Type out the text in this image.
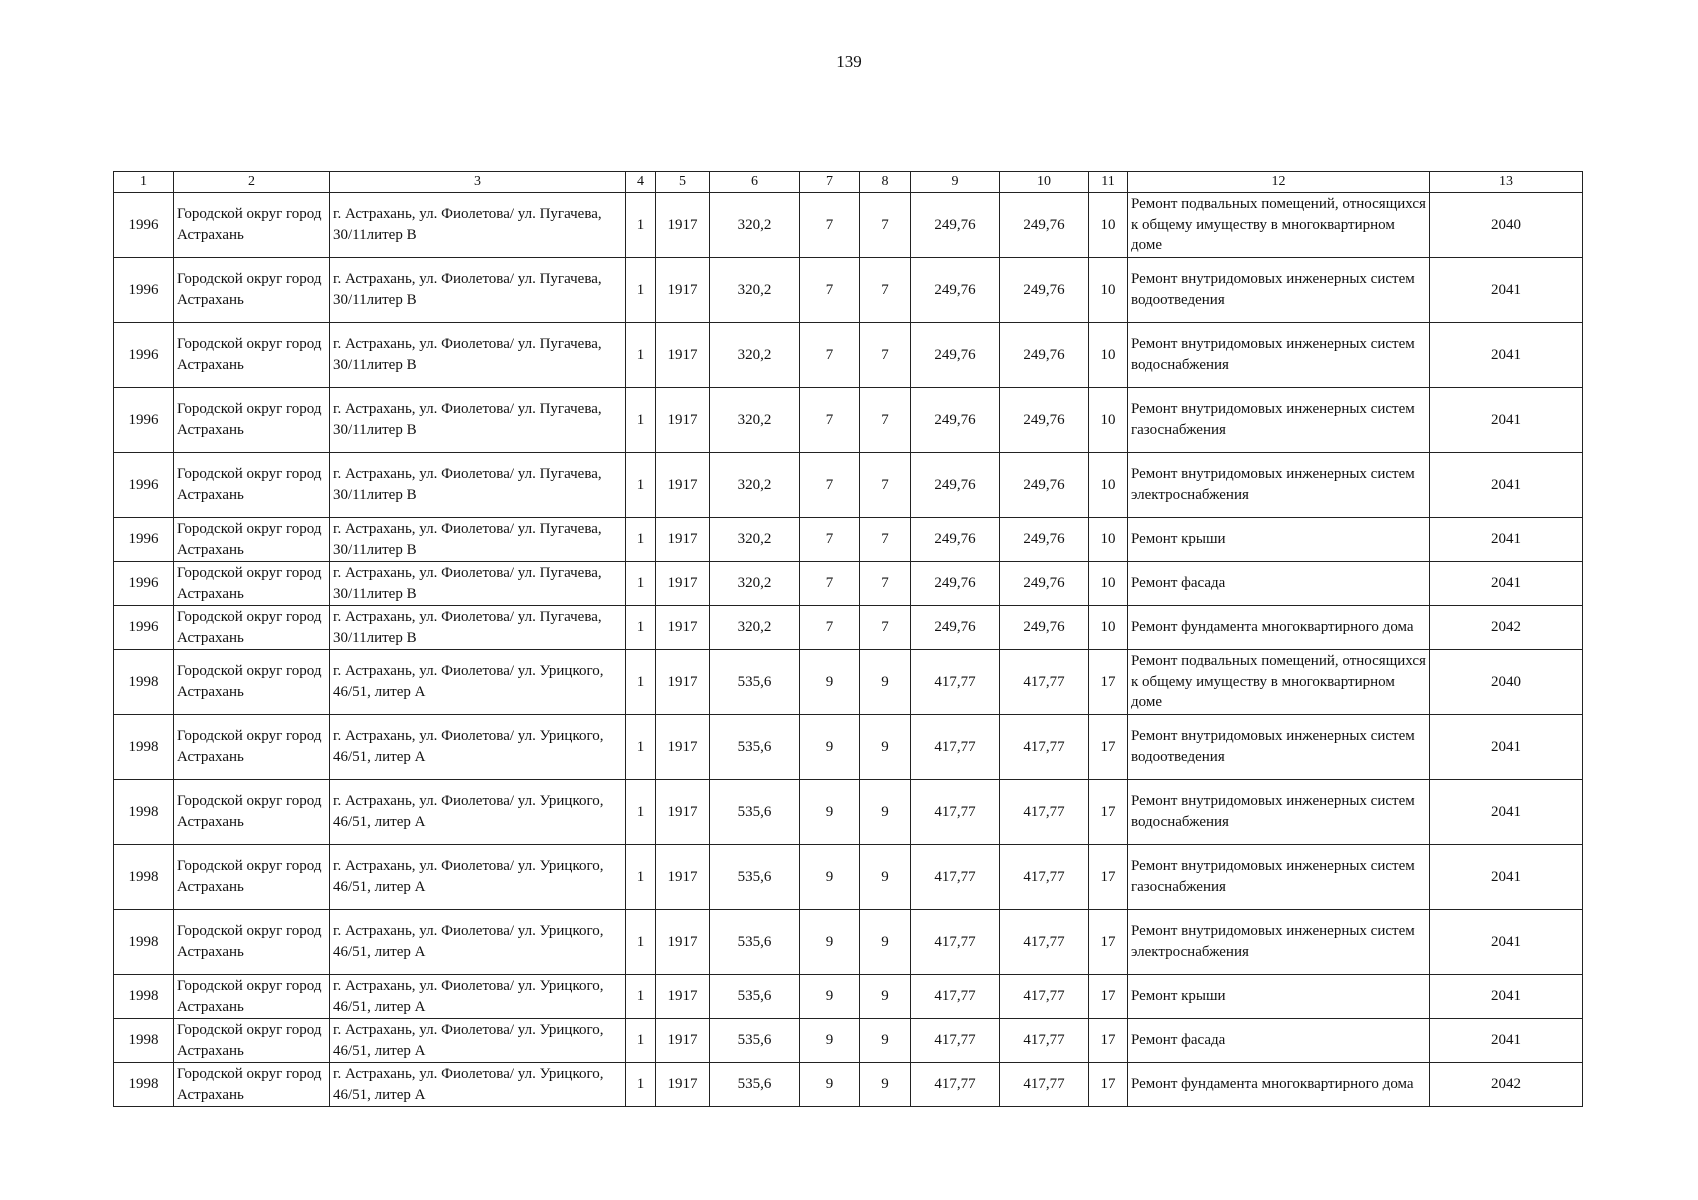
139
1	2	3	4	5	6	7	8	9	10	11	12	13
1996	Городской округ город Астрахань	г. Астрахань, ул. Фиолетова/ ул. Пугачева, 30/11литер В	1	1917	320,2	7	7	249,76	249,76	10	Ремонт подвальных помещений, относящихся к общему имуществу в многоквартирном доме	2040
1996	Городской округ город Астрахань	г. Астрахань, ул. Фиолетова/ ул. Пугачева, 30/11литер В	1	1917	320,2	7	7	249,76	249,76	10	Ремонт внутридомовых инженерных систем водоотведения	2041
1996	Городской округ город Астрахань	г. Астрахань, ул. Фиолетова/ ул. Пугачева, 30/11литер В	1	1917	320,2	7	7	249,76	249,76	10	Ремонт внутридомовых инженерных систем водоснабжения	2041
1996	Городской округ город Астрахань	г. Астрахань, ул. Фиолетова/ ул. Пугачева, 30/11литер В	1	1917	320,2	7	7	249,76	249,76	10	Ремонт внутридомовых инженерных систем газоснабжения	2041
1996	Городской округ город Астрахань	г. Астрахань, ул. Фиолетова/ ул. Пугачева, 30/11литер В	1	1917	320,2	7	7	249,76	249,76	10	Ремонт внутридомовых инженерных систем электроснабжения	2041
1996	Городской округ город Астрахань	г. Астрахань, ул. Фиолетова/ ул. Пугачева, 30/11литер В	1	1917	320,2	7	7	249,76	249,76	10	Ремонт крыши	2041
1996	Городской округ город Астрахань	г. Астрахань, ул. Фиолетова/ ул. Пугачева, 30/11литер В	1	1917	320,2	7	7	249,76	249,76	10	Ремонт фасада	2041
1996	Городской округ город Астрахань	г. Астрахань, ул. Фиолетова/ ул. Пугачева, 30/11литер В	1	1917	320,2	7	7	249,76	249,76	10	Ремонт фундамента многоквартирного дома	2042
1998	Городской округ город Астрахань	г. Астрахань, ул. Фиолетова/ ул. Урицкого, 46/51, литер А	1	1917	535,6	9	9	417,77	417,77	17	Ремонт подвальных помещений, относящихся к общему имуществу в многоквартирном доме	2040
1998	Городской округ город Астрахань	г. Астрахань, ул. Фиолетова/ ул. Урицкого, 46/51, литер А	1	1917	535,6	9	9	417,77	417,77	17	Ремонт внутридомовых инженерных систем водоотведения	2041
1998	Городской округ город Астрахань	г. Астрахань, ул. Фиолетова/ ул. Урицкого, 46/51, литер А	1	1917	535,6	9	9	417,77	417,77	17	Ремонт внутридомовых инженерных систем водоснабжения	2041
1998	Городской округ город Астрахань	г. Астрахань, ул. Фиолетова/ ул. Урицкого, 46/51, литер А	1	1917	535,6	9	9	417,77	417,77	17	Ремонт внутридомовых инженерных систем газоснабжения	2041
1998	Городской округ город Астрахань	г. Астрахань, ул. Фиолетова/ ул. Урицкого, 46/51, литер А	1	1917	535,6	9	9	417,77	417,77	17	Ремонт внутридомовых инженерных систем электроснабжения	2041
1998	Городской округ город Астрахань	г. Астрахань, ул. Фиолетова/ ул. Урицкого, 46/51, литер А	1	1917	535,6	9	9	417,77	417,77	17	Ремонт крыши	2041
1998	Городской округ город Астрахань	г. Астрахань, ул. Фиолетова/ ул. Урицкого, 46/51, литер А	1	1917	535,6	9	9	417,77	417,77	17	Ремонт фасада	2041
1998	Городской округ город Астрахань	г. Астрахань, ул. Фиолетова/ ул. Урицкого, 46/51, литер А	1	1917	535,6	9	9	417,77	417,77	17	Ремонт фундамента многоквартирного дома	2042
